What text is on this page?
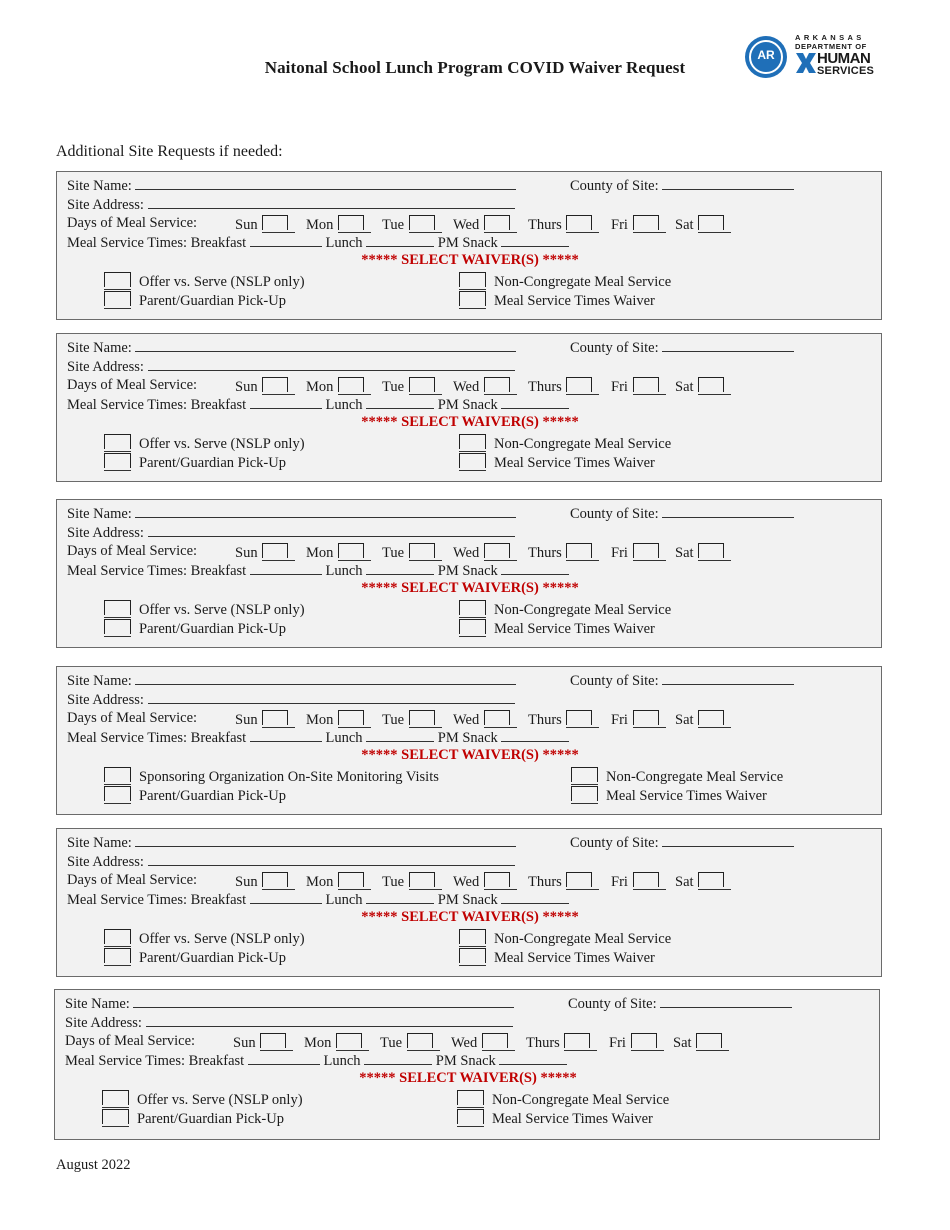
Naitonal School Lunch Program COVID Waiver Request
AR
ARKANSAS
DEPARTMENT OF
HUMAN
SERVICES
Additional Site Requests if needed:
Site Name:	County of Site:
Site Address:
Days of Meal Service:	Sun	Mon	Tue	Wed	Thurs	Fri	Sat
Meal Service Times: Breakfast	Lunch	PM Snack
***** SELECT WAIVER(S) *****
Offer vs. Serve (NSLP only)	Non-Congregate Meal Service
Parent/Guardian Pick-Up	Meal Service Times Waiver
Site Name:	County of Site:
Site Address:
Days of Meal Service:	Sun	Mon	Tue	Wed	Thurs	Fri	Sat
Meal Service Times: Breakfast	Lunch	PM Snack
***** SELECT WAIVER(S) *****
Offer vs. Serve (NSLP only)	Non-Congregate Meal Service
Parent/Guardian Pick-Up	Meal Service Times Waiver
Site Name:	County of Site:
Site Address:
Days of Meal Service:	Sun	Mon	Tue	Wed	Thurs	Fri	Sat
Meal Service Times: Breakfast	Lunch	PM Snack
***** SELECT WAIVER(S) *****
Offer vs. Serve (NSLP only)	Non-Congregate Meal Service
Parent/Guardian Pick-Up	Meal Service Times Waiver
Site Name:	County of Site:
Site Address:
Days of Meal Service:	Sun	Mon	Tue	Wed	Thurs	Fri	Sat
Meal Service Times: Breakfast	Lunch	PM Snack
***** SELECT WAIVER(S) *****
Sponsoring Organization On-Site Monitoring Visits	Non-Congregate Meal Service
Parent/Guardian Pick-Up	Meal Service Times Waiver
Site Name:	County of Site:
Site Address:
Days of Meal Service:	Sun	Mon	Tue	Wed	Thurs	Fri	Sat
Meal Service Times: Breakfast	Lunch	PM Snack
***** SELECT WAIVER(S) *****
Offer vs. Serve (NSLP only)	Non-Congregate Meal Service
Parent/Guardian Pick-Up	Meal Service Times Waiver
Site Name:	County of Site:
Site Address:
Days of Meal Service:	Sun	Mon	Tue	Wed	Thurs	Fri	Sat
Meal Service Times: Breakfast	Lunch	PM Snack
***** SELECT WAIVER(S) *****
Offer vs. Serve (NSLP only)	Non-Congregate Meal Service
Parent/Guardian Pick-Up	Meal Service Times Waiver
August 2022
